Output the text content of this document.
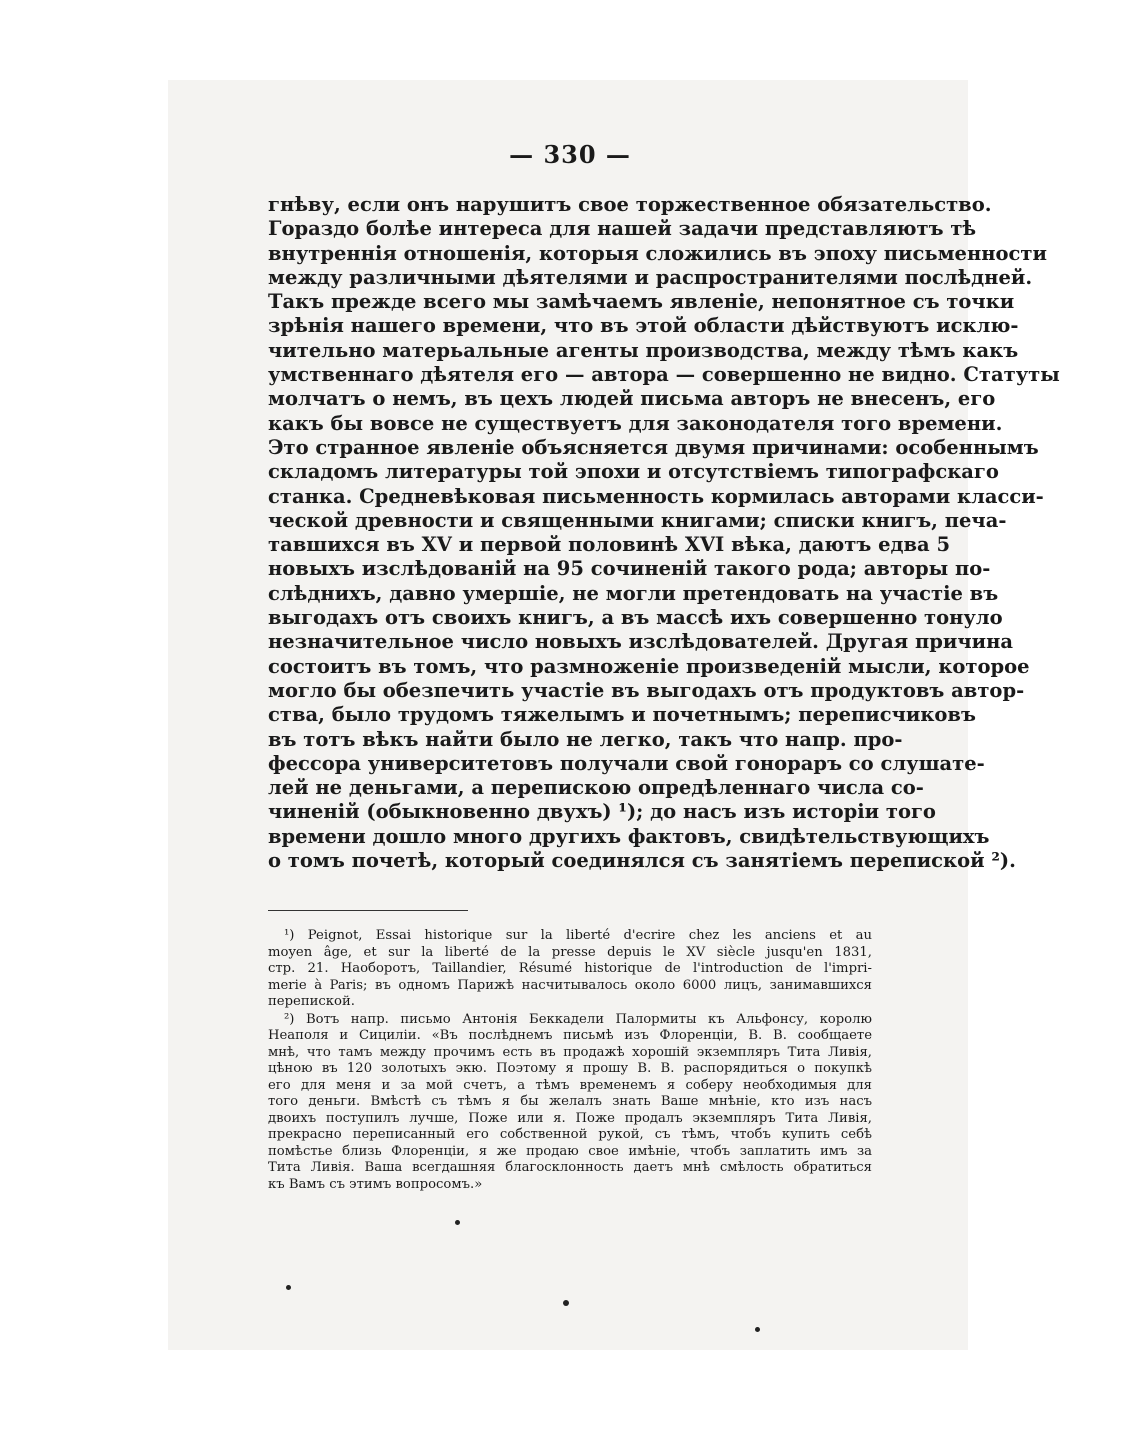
— 330 —
гнѣву, если онъ нарушитъ свое торжественное обязательство.
Гораздо болѣе интереса для нашей задачи представляютъ тѣ
внутреннія отношенія, которыя сложились въ эпоху письменности
между различными дѣятелями и распространителями послѣдней.
Такъ прежде всего мы замѣчаемъ явленіе, непонятное съ точки
зрѣнія нашего времени, что въ этой области дѣйствуютъ исклю-
чительно матерьальные агенты производства, между тѣмъ какъ
умственнаго дѣятеля его — автора — совершенно не видно. Статуты
молчатъ о немъ, въ цехъ людей письма авторъ не внесенъ, его
какъ бы вовсе не существуетъ для законодателя того времени.
Это странное явленіе объясняется двумя причинами: особеннымъ
складомъ литературы той эпохи и отсутствіемъ типографскаго
станка. Средневѣковая письменность кормилась авторами класси-
ческой древности и священными книгами; списки книгъ, печа-
тавшихся въ XV и первой половинѣ XVI вѣка, даютъ едва 5
новыхъ изслѣдованій на 95 сочиненій такого рода; авторы по-
слѣднихъ, давно умершіе, не могли претендовать на участіе въ
выгодахъ отъ своихъ книгъ, а въ массѣ ихъ совершенно тонуло
незначительное число новыхъ изслѣдователей. Другая причина
состоитъ въ томъ, что размноженіе произведеній мысли, которое
могло бы обезпечить участіе въ выгодахъ отъ продуктовъ автор-
ства, было трудомъ тяжелымъ и почетнымъ; переписчиковъ
въ тотъ вѣкъ найти было не легко, такъ что напр. про-
фессора университетовъ получали свой гонораръ со слушате-
лей не деньгами, а перепискою опредѣленнаго числа со-
чиненій (обыкновенно двухъ) ¹); до насъ изъ исторіи того
времени дошло много другихъ фактовъ, свидѣтельствующихъ
о томъ почетѣ, который соединялся съ занятіемъ перепиской ²).
¹) Peignot, Essai historique sur la liberté d'ecrire chez les anciens et au
moyen âge, et sur la liberté de la presse depuis le XV siècle jusqu'en 1831,
стр. 21. Наоборотъ, Taillandier, Résumé historique de l'introduction de l'impri-
merie à Paris; въ одномъ Парижѣ насчитывалось около 6000 лицъ, занимавшихся
перепиской.
²) Вотъ напр. письмо Антонія Беккадели Палормиты къ Альфонсу, королю
Неаполя и Сициліи. «Въ послѣднемъ письмѣ изъ Флоренціи, В. В. сообщаете
мнѣ, что тамъ между прочимъ есть въ продажѣ хорошій экземпляръ Тита Ливія,
цѣною въ 120 золотыхъ экю. Поэтому я прошу В. В. распорядиться о покупкѣ
его для меня и за мой счетъ, а тѣмъ временемъ я соберу необходимыя для
того деньги. Вмѣстѣ съ тѣмъ я бы желалъ знать Ваше мнѣніе, кто изъ насъ
двоихъ поступилъ лучше, Поже или я. Поже продалъ экземпляръ Тита Ливія,
прекрасно переписанный его собственной рукой, съ тѣмъ, чтобъ купить себѣ
помѣстье близь Флоренціи, я же продаю свое имѣніе, чтобъ заплатить имъ за
Тита Ливія. Ваша всегдашняя благосклонность даетъ мнѣ смѣлость обратиться
къ Вамъ съ этимъ вопросомъ.»
